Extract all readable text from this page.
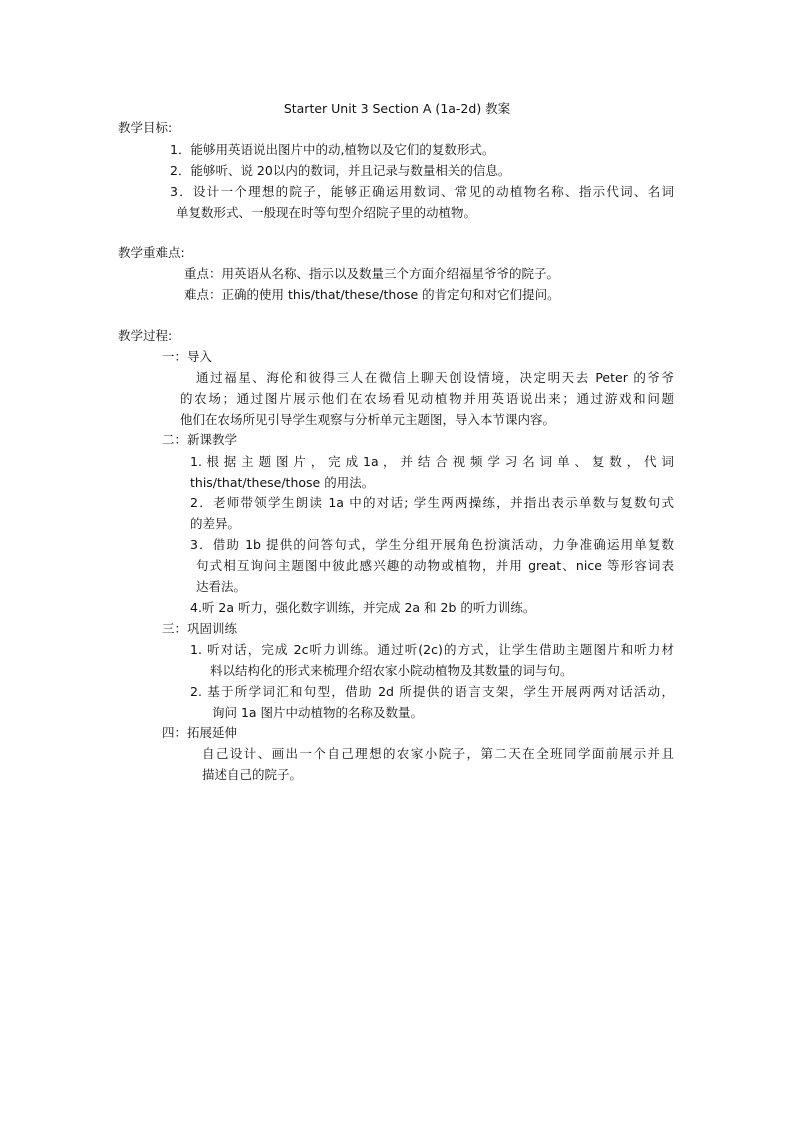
Starter Unit 3 Section A (1a-2d) 教案
教学目标:
1．能够用英语说出图片中的动,植物以及它们的复数形式。
2．能够听、说 20以内的数词，并且记录与数量相关的信息。
3．设计一个理想的院子，能够正确运用数词、常见的动植物名称、指示代词、名词
单复数形式、一般现在时等句型介绍院子里的动植物。
教学重难点:
重点：用英语从名称、指示以及数量三个方面介绍福星爷爷的院子。
难点：正确的使用 this/that/these/those 的肯定句和对它们提问。
教学过程:
一：导入
通过福星、海伦和彼得三人在微信上聊天创设情境，决定明天去 Peter 的爷爷
的农场；通过图片展示他们在农场看见动植物并用英语说出来；通过游戏和问题
他们在农场所见引导学生观察与分析单元主题图，导入本节课内容。
二：新课教学
1. 根 据 主 题 图 片 ， 完 成 1a ， 并 结 合 视 频 学 习 名 词 单 、 复 数 ， 代 词
this/that/these/those 的用法。
2．老师带领学生朗读 1a 中的对话; 学生两两操练，并指出表示单数与复数句式
的差异。
3．借助 1b 提供的问答句式，学生分组开展角色扮演活动，力争准确运用单复数
句式相互询问主题图中彼此感兴趣的动物或植物，并用 great、nice 等形容词表
达看法。
4.听 2a 听力，强化数字训练，并完成 2a 和 2b 的听力训练。
三：巩固训练
1. 听对话，完成 2c听力训练。通过听(2c)的方式，让学生借助主题图片和听力材
料以结构化的形式来梳理介绍农家小院动植物及其数量的词与句。
2. 基于所学词汇和句型，借助 2d 所提供的语言支架，学生开展两两对话活动，
询问 1a 图片中动植物的名称及数量。
四：拓展延伸
自己设计、画出一个自己理想的农家小院子，第二天在全班同学面前展示并且
描述自己的院子。
